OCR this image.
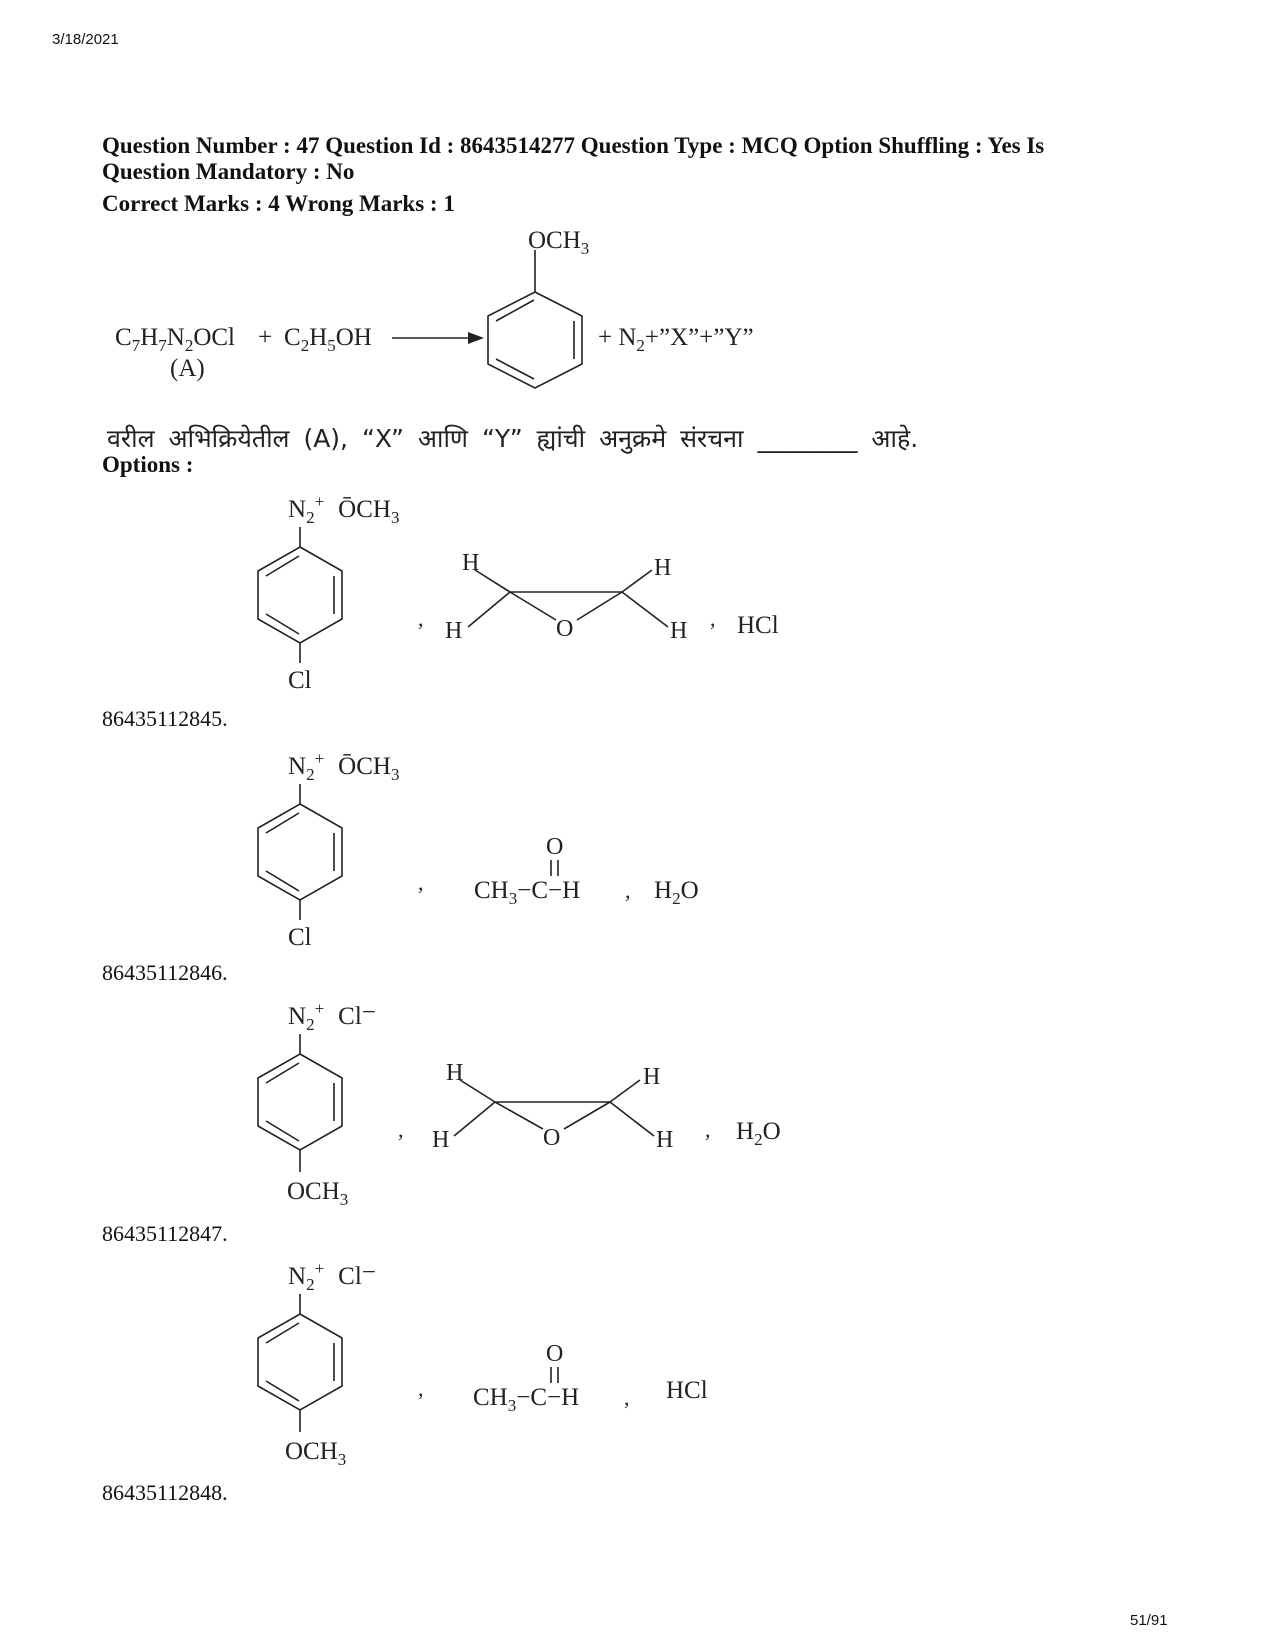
3/18/2021
51/91
Question Number : 47 Question Id : 8643514277 Question Type : MCQ Option Shuffling : Yes Is
Question Mandatory : No
Correct Marks : 4 Wrong Marks : 1
$C_7H_7N_2OCl$
(A)
+ $C_2H_5OH$
$OCH_3$
+ $N_2+”X”+”Y$”
वरील अभिक्रियेतील (A), “X” आणि “Y” ह्यांची अनुक्रमे संरचना ________ आहे.
Options :
86435112845.
$N_2^+$ $ŌCH_3$
Cl
,
H
H
H
H
O	, HCl
86435112846.
$N_2^+$ $ŌCH_3$
Cl
,
O
$CH_3-C-H$ , $H_2O$
86435112847.
$N_2^+$ Cl−
$OCH_3$
,
H
H
H
H
O	, $H_2O$
86435112848.
$N_2^+$ Cl−
$OCH_3$
,
O
$CH_3-C-H$ , HCl
